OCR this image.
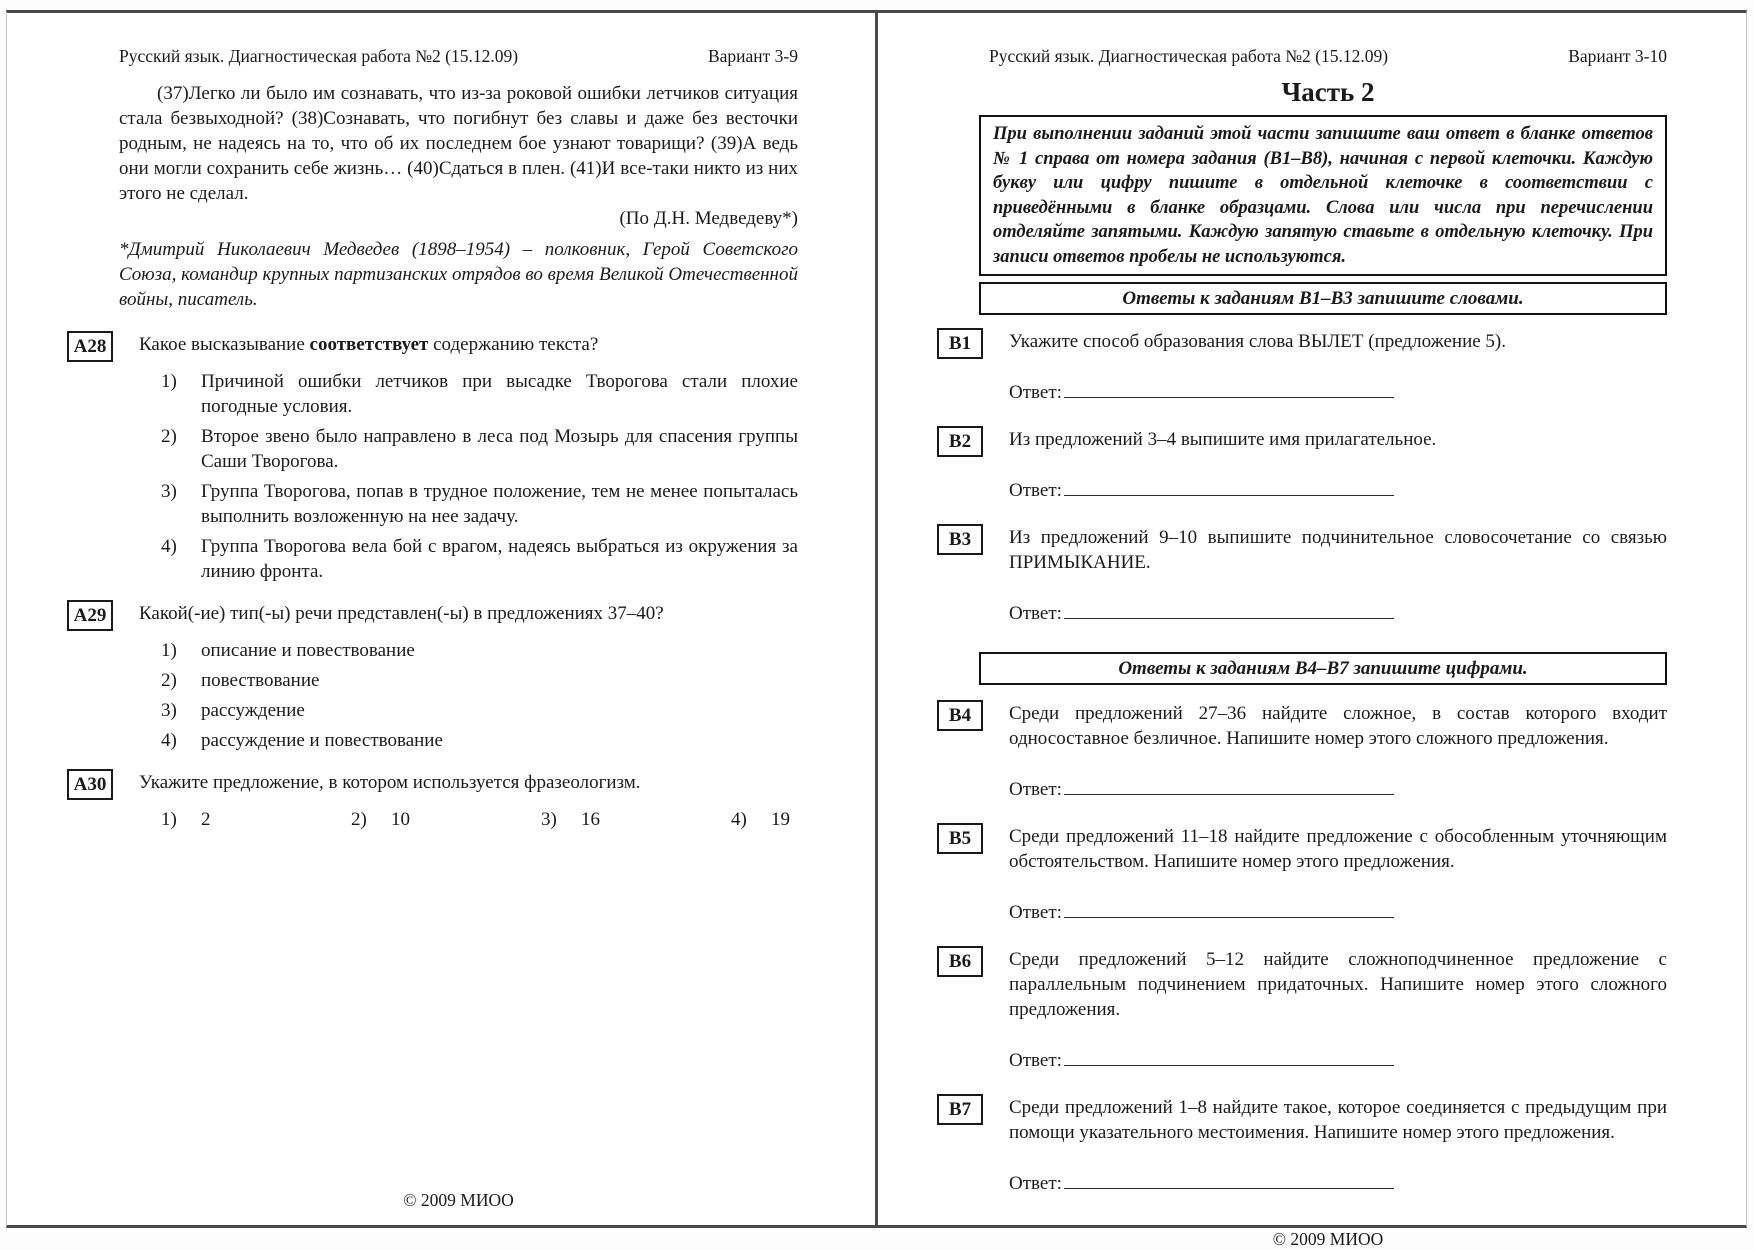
Русский язык. Диагностическая работа №2 (15.12.09)	Вариант 3-9

(37)Легко ли было им сознавать, что из-за роковой ошибки летчиков ситуация стала безвыходной? (38)Сознавать, что погибнут без славы и даже без весточки родным, не надеясь на то, что об их последнем бое узнают товарищи? (39)А ведь они могли сохранить себе жизнь… (40)Сдаться в плен. (41)И все-таки никто из них этого не сделал.

(По Д.Н. Медведеву*)

*Дмитрий Николаевич Медведев (1898–1954) – полковник, Герой Советского Союза, командир крупных партизанских отрядов во время Великой Отечественной войны, писатель.

А28	Какое высказывание соответствует содержанию текста?

1)	Причиной ошибки летчиков при высадке Творогова стали плохие погодные условия.
2)	Второе звено было направлено в леса под Мозырь для спасения группы Саши Творогова.
3)	Группа Творогова, попав в трудное положение, тем не менее попыталась выполнить возложенную на нее задачу.
4)	Группа Творогова вела бой с врагом, надеясь выбраться из окружения за линию фронта.
А29	Какой(-ие) тип(-ы) речи представлен(-ы) в предложениях 37–40?

1)	описание и повествование
2)	повествование
3)	рассуждение
4)	рассуждение и повествование
А30	Укажите предложение, в котором используется фразеологизм.

1) 2	2) 10	3) 16	4) 19
© 2009 МИОО
Русский язык. Диагностическая работа №2 (15.12.09)	Вариант 3-10
Часть 2
При выполнении заданий этой части запишите ваш ответ в бланке ответов № 1 справа от номера задания (В1–В8), начиная с первой клеточки. Каждую букву или цифру пишите в отдельной клеточке в соответствии с приведёнными в бланке образцами. Слова или числа при перечислении отделяйте запятыми. Каждую запятую ставьте в отдельную клеточку. При записи ответов пробелы не используются.
Ответы к заданиям В1–В3 запишите словами.
В1	Укажите способ образования слова ВЫЛЕТ (предложение 5).

Ответ:
В2	Из предложений 3–4 выпишите имя прилагательное.

Ответ:
В3	Из предложений 9–10 выпишите подчинительное словосочетание со связью ПРИМЫКАНИЕ.

Ответ:
Ответы к заданиям В4–В7 запишите цифрами.
В4	Среди предложений 27–36 найдите сложное, в состав которого входит односоставное безличное. Напишите номер этого сложного предложения.

Ответ:
В5	Среди предложений 11–18 найдите предложение с обособленным уточняющим обстоятельством. Напишите номер этого предложения.

Ответ:
В6	Среди предложений 5–12 найдите сложноподчиненное предложение с параллельным подчинением придаточных. Напишите номер этого сложного предложения.

Ответ:
В7	Среди предложений 1–8 найдите такое, которое соединяется с предыдущим при помощи указательного местоимения. Напишите номер этого предложения.

Ответ:
© 2009 МИОО
